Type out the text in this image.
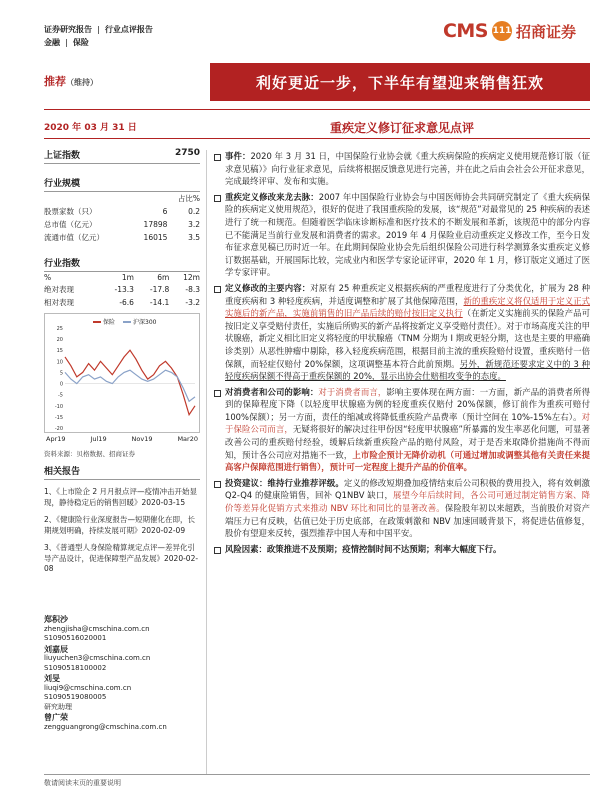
证券研究报告 | 行业点评报告
金融 | 保险
CMS 111 招商证券
推荐（维持）	利好更近一步，下半年有望迎来销售狂欢
2020 年 03 月 31 日	重疾定义修订征求意见点评
上证指数	2750
行业规模
		占比%
股票家数（只）	6	0.2
总市值（亿元）	17898	3.2
流通市值（亿元）	16015	3.5
行业指数
%	1m	6m	12m
绝对表现	-13.3	-17.8	-8.3
相对表现	-6.6	-14.1	-3.2
保险	沪深300
25
20
15
10
5
0
-5
-10
-15
-20
Apr19	Jul19	Nov19	Mar20
资料来源：贝格数据、招商证券
相关报告
1、《上市险企 2 月月报点评—疫情冲击开始显现，静待稳定后的销售回暖》2020-03-15
2、《健康险行业深度报告—短期催化在即，长期规划明确，持续发展可期》2020-02-09
3、《普通型人身保险精算规定点评—差异化引导产品设计，促进保障型产品发展》2020-02-08
郑积沙
zhengjisha@cmschina.com.cn
S1090516020001
刘嘉辰
liuyuchen3@cmschina.com.cn
S1090518100002
刘旻
liuqi9@cmschina.com.cn
S1090519080005
研究助理
曾广荣
zengguangrong@cmschina.com.cn
事件：2020 年 3 月 31 日，中国保险行业协会就《重大疾病保险的疾病定义使用规范修订版（征求意见稿）》向行业征求意见，后续将根据反馈意见进行完善，并在此之后由会社会公开征求意见，完成最终评审、发布和实施。
重疾定义修改来龙去脉：2007 年中国保险行业协会与中国医师协会共同研究制定了《重大疾病保险的疾病定义使用规范》，很好的促进了我国重疾险的发展，该“规范”对最常见的 25 种疾病的表述进行了统一和规范。但随着医学临床诊断标准和医疗技术的不断发展和革新，该规范中的部分内容已不能满足当前行业发展和消费者的需求。2019 年 4 月保险业启动重疾定义修改工作，至今日发布征求意见稿已历时近一年。在此期间保险业协会先后组织保险公司进行科学测算条实重疾定义修订数据基础，开展国际比较，完成业内和医学专家论证评审，2020 年 1 月，修订版定义通过了医学专家评审。
定义修改的主要内容：对原有 25 种重疾定义根据疾病的严重程度进行了分类优化，扩展为 28 种重度疾病和 3 种轻度疾病，并适度调整和扩展了其他保障范围，新的重疾定义将仅适用于定义正式实施后的新产品，实施前销售的旧产品后续的赔付按旧定义执行（在新定义实施前买的保险产品可按旧定义享受赔付责任，实施后所购买的新产品将按新定义享受赔付责任）。对于市场高度关注的甲状腺癌，新定义相比旧定义将轻度的甲状腺癌（TNM 分期为 I 期或更轻分期，这也是主要的甲癌确诊类别）从恶性肿瘤中剔除，移入轻度疾病范围，根据目前主流的重疾险赔付设置，重疾赔付一倍保额，而轻症仅赔付 20%保额，这项调整基本符合此前预期。另外，新规范还要求定义中的 3 种轻度疾病保额不得高于重疾保额的 20%，显示出协会仕赔相攻变争的态度。
对消费者和公司的影响：对于消费者而言，影响主要体现在两方面：一方面，新产品的消费者所得到的保障程度下降（以轻度甲状腺癌为例的轻度重疾仅赔付 20%保额，修订前作为重疾可赔付 100%保额）；另一方面，责任的缩减或将降低重疾险产品费率（预计空间在 10%-15%左右）。对于保险公司而言，无疑将很好的解决过往甲份因“轻度甲状腺癌”所暴露的发生率恶化问题，可显著改善公司的重疾赔付经验，缓解后续新重疾险产品的赔付风险，对于是否来取降价措施尚不得而知，预计各公司应对措施不一致，上市险企预计无降价动机（可通过增加或调整其他有关责任来提高客户保障范围进行销售），预计可一定程度上提升产品的价值率。
投资建议：维持行业推荐评级。定义的修改短期叠加疫情结束后公司积极的费用投入，将有效刺激 Q2-Q4 的健康险销售，回补 Q1NBV 缺口，展望今年后续时间，各公司可通过制定销售方案、降价等差异化促销方式来推动 NBV 环比和同比的显著改善。保险股年初以来超跌，当前股价对资产端压力已有反映，估值已处于历史底部，在政策刺激和 NBV 加速回暖背景下，将促进估值修复，股价有望迎来反转，强烈推荐中国人寿和中国平安。
风险因素：政策推进不及预期；疫情控制时间不达预期；利率大幅度下行。
敬请阅读末页的重要说明
